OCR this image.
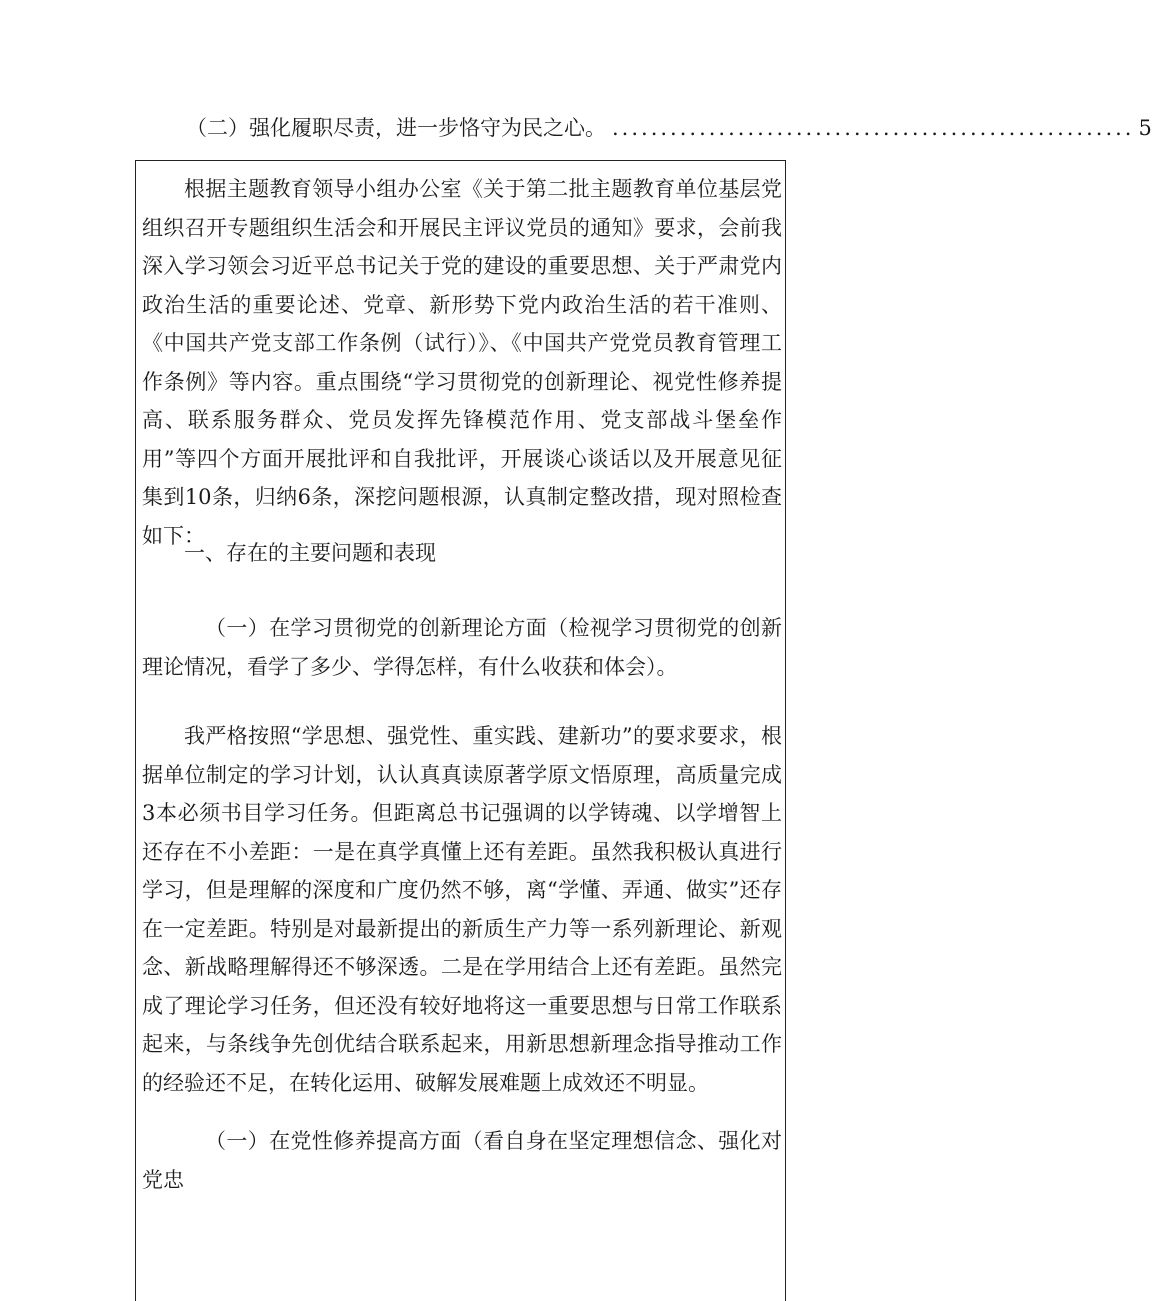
（二）强化履职尽责，进一步恪守为民之心。 ...................................................... 5

根据主题教育领导小组办公室《关于第二批主题教育单位基层党组织召开专题组织生活会和开展民主评议党员的通知》要求，会前我深入学习领会习近平总书记关于党的建设的重要思想、关于严肃党内政治生活的重要论述、党章、新形势下党内政治生活的若干准则、《中国共产党支部工作条例（试行）》、《中国共产党党员教育管理工作条例》等内容。重点围绕“学习贯彻党的创新理论、视党性修养提高、联系服务群众、党员发挥先锋模范作用、党支部战斗堡垒作用”等四个方面开展批评和自我批评，开展谈心谈话以及开展意见征集到10条，归纳6条，深挖问题根源，认真制定整改措，现对照检查如下：

一、存在的主要问题和表现

（一）在学习贯彻党的创新理论方面（检视学习贯彻党的创新理论情况，看学了多少、学得怎样，有什么收获和体会）。

我严格按照“学思想、强党性、重实践、建新功”的要求要求，根据单位制定的学习计划，认认真真读原著学原文悟原理，高质量完成3本必须书目学习任务。但距离总书记强调的以学铸魂、以学增智上还存在不小差距：一是在真学真懂上还有差距。虽然我积极认真进行学习，但是理解的深度和广度仍然不够，离“学懂、弄通、做实”还存在一定差距。特别是对最新提出的新质生产力等一系列新理论、新观念、新战略理解得还不够深透。二是在学用结合上还有差距。虽然完成了理论学习任务，但还没有较好地将这一重要思想与日常工作联系起来，与条线争先创优结合联系起来，用新思想新理念指导推动工作的经验还不足，在转化运用、破解发展难题上成效还不明显。

（一）在党性修养提高方面（看自身在坚定理想信念、强化对党忠
